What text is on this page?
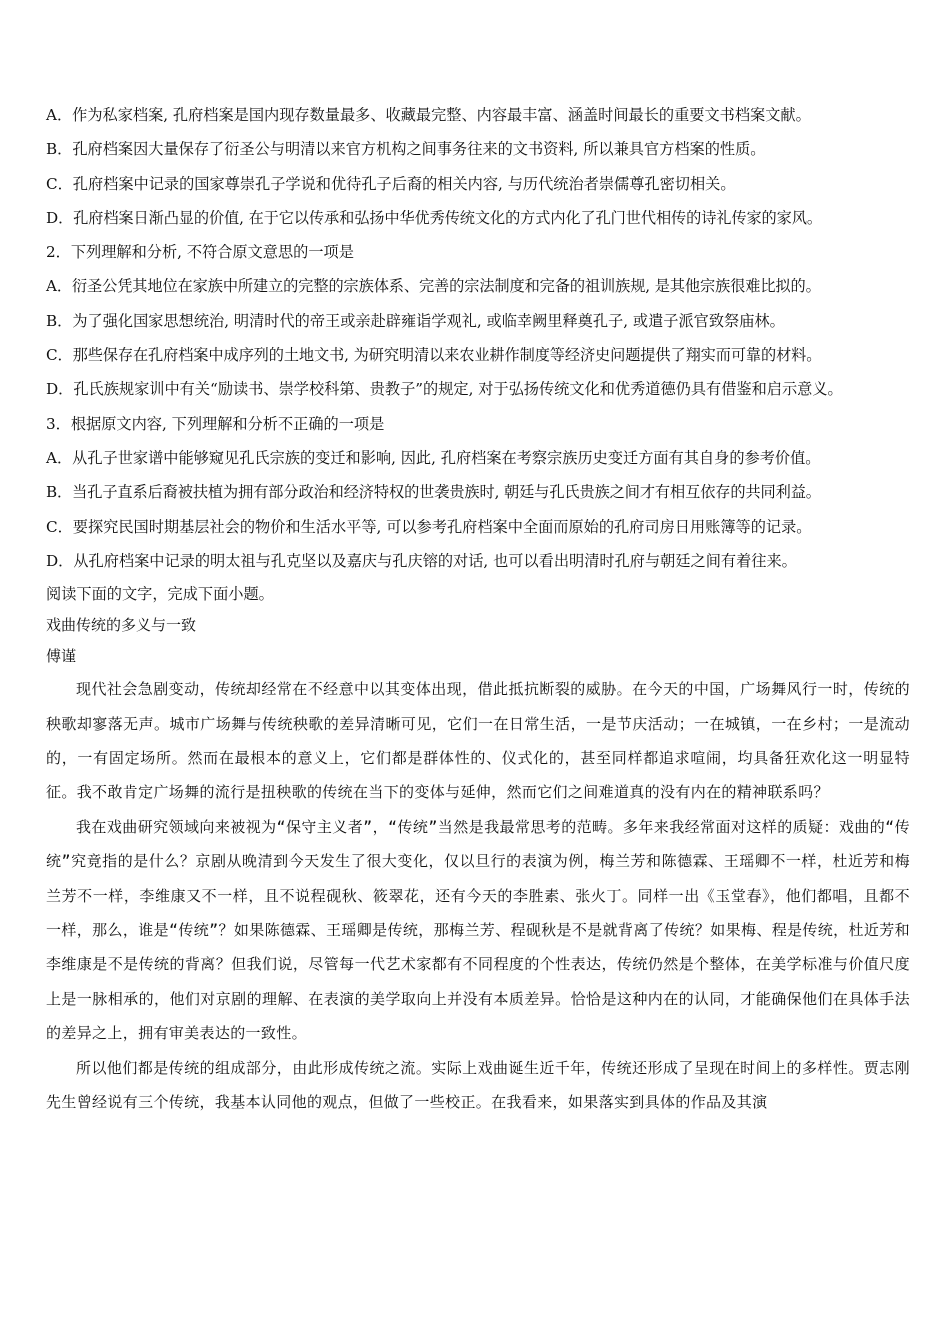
A．作为私家档案, 孔府档案是国内现存数量最多、收藏最完整、内容最丰富、涵盖时间最长的重要文书档案文献。

B．孔府档案因大量保存了衍圣公与明清以来官方机构之间事务往来的文书资料, 所以兼具官方档案的性质。

C．孔府档案中记录的国家尊崇孔子学说和优待孔子后裔的相关内容, 与历代统治者崇儒尊孔密切相关。

D．孔府档案日渐凸显的价值, 在于它以传承和弘扬中华优秀传统文化的方式内化了孔门世代相传的诗礼传家的家风。

2．下列理解和分析, 不符合原文意思的一项是

A．衍圣公凭其地位在家族中所建立的完整的宗族体系、完善的宗法制度和完备的祖训族规, 是其他宗族很难比拟的。

B．为了强化国家思想统治, 明清时代的帝王或亲赴辟雍诣学观礼, 或临幸阙里释奠孔子, 或遣子派官致祭庙林。

C．那些保存在孔府档案中成序列的土地文书, 为研究明清以来农业耕作制度等经济史问题提供了翔实而可靠的材料。

D．孔氏族规家训中有关“励读书、崇学校科第、贵教子”的规定, 对于弘扬传统文化和优秀道德仍具有借鉴和启示意义。

3．根据原文内容, 下列理解和分析不正确的一项是

A．从孔子世家谱中能够窥见孔氏宗族的变迁和影响, 因此, 孔府档案在考察宗族历史变迁方面有其自身的参考价值。

B．当孔子直系后裔被扶植为拥有部分政治和经济特权的世袭贵族时, 朝廷与孔氏贵族之间才有相互依存的共同利益。

C．要探究民国时期基层社会的物价和生活水平等, 可以参考孔府档案中全面而原始的孔府司房日用账簿等的记录。

D．从孔府档案中记录的明太祖与孔克坚以及嘉庆与孔庆镕的对话, 也可以看出明清时孔府与朝廷之间有着往来。

阅读下面的文字，完成下面小题。

戏曲传统的多义与一致

傅谨

现代社会急剧变动，传统却经常在不经意中以其变体出现，借此抵抗断裂的威胁。在今天的中国，广场舞风行一时，传统的秧歌却寥落无声。城市广场舞与传统秧歌的差异清晰可见，它们一在日常生活，一是节庆活动；一在城镇，一在乡村；一是流动的，一有固定场所。然而在最根本的意义上，它们都是群体性的、仪式化的，甚至同样都追求喧闹，均具备狂欢化这一明显特征。我不敢肯定广场舞的流行是扭秧歌的传统在当下的变体与延伸，然而它们之间难道真的没有内在的精神联系吗？

我在戏曲研究领域向来被视为“保守主义者”，“传统”当然是我最常思考的范畴。多年来我经常面对这样的质疑：戏曲的“传统”究竟指的是什么？京剧从晚清到今天发生了很大变化，仅以旦行的表演为例，梅兰芳和陈德霖、王瑶卿不一样，杜近芳和梅兰芳不一样，李维康又不一样，且不说程砚秋、筱翠花，还有今天的李胜素、张火丁。同样一出《玉堂春》，他们都唱，且都不一样，那么，谁是“传统”？如果陈德霖、王瑶卿是传统，那梅兰芳、程砚秋是不是就背离了传统？如果梅、程是传统，杜近芳和李维康是不是传统的背离？但我们说，尽管每一代艺术家都有不同程度的个性表达，传统仍然是个整体，在美学标准与价值尺度上是一脉相承的，他们对京剧的理解、在表演的美学取向上并没有本质差异。恰恰是这种内在的认同，才能确保他们在具体手法的差异之上，拥有审美表达的一致性。

所以他们都是传统的组成部分，由此形成传统之流。实际上戏曲诞生近千年，传统还形成了呈现在时间上的多样性。贾志刚先生曾经说有三个传统，我基本认同他的观点，但做了一些校正。在我看来，如果落实到具体的作品及其演
